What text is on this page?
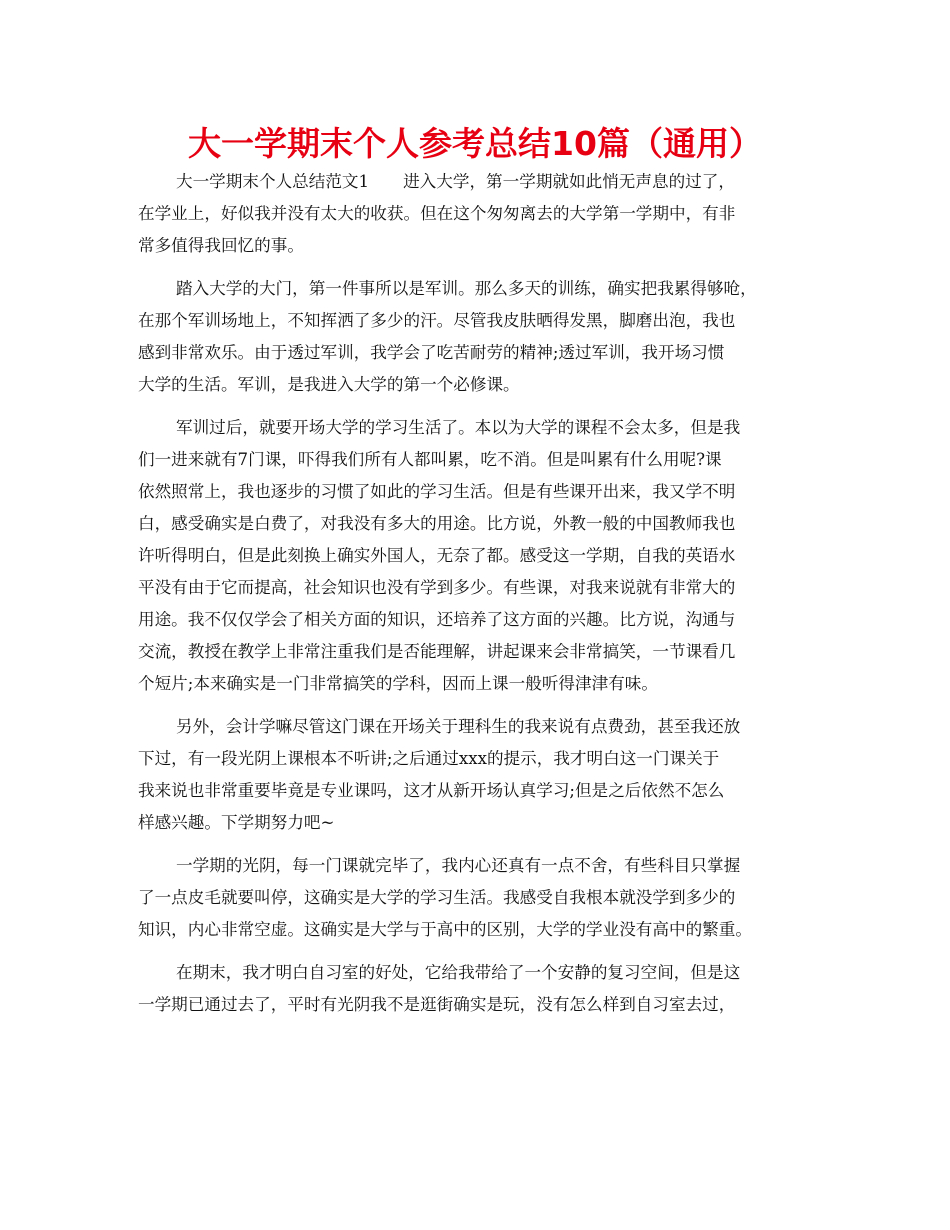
大一学期末个人参考总结10篇（通用）
大一学期末个人总结范文1 进入大学，第一学期就如此悄无声息的过了，
在学业上，好似我并没有太大的收获。但在这个匆匆离去的大学第一学期中，有非
常多值得我回忆的事。
踏入大学的大门，第一件事所以是军训。那么多天的训练，确实把我累得够呛，
在那个军训场地上，不知挥洒了多少的汗。尽管我皮肤晒得发黑，脚磨出泡，我也
感到非常欢乐。由于透过军训，我学会了吃苦耐劳的精神;透过军训，我开场习惯
大学的生活。军训，是我进入大学的第一个必修课。
军训过后，就要开场大学的学习生活了。本以为大学的课程不会太多，但是我
们一进来就有7门课，吓得我们所有人都叫累，吃不消。但是叫累有什么用呢?课
依然照常上，我也逐步的习惯了如此的学习生活。但是有些课开出来，我又学不明
白，感受确实是白费了，对我没有多大的用途。比方说，外教一般的中国教师我也
许听得明白，但是此刻换上确实外国人，无奈了都。感受这一学期，自我的英语水
平没有由于它而提高，社会知识也没有学到多少。有些课，对我来说就有非常大的
用途。我不仅仅学会了相关方面的知识，还培养了这方面的兴趣。比方说，沟通与
交流，教授在教学上非常注重我们是否能理解，讲起课来会非常搞笑，一节课看几
个短片;本来确实是一门非常搞笑的学科，因而上课一般听得津津有味。
另外，会计学嘛尽管这门课在开场关于理科生的我来说有点费劲，甚至我还放
下过，有一段光阴上课根本不听讲;之后通过xxx的提示，我才明白这一门课关于
我来说也非常重要毕竟是专业课吗，这才从新开场认真学习;但是之后依然不怎么
样感兴趣。下学期努力吧~
一学期的光阴，每一门课就完毕了，我内心还真有一点不舍，有些科目只掌握
了一点皮毛就要叫停，这确实是大学的学习生活。我感受自我根本就没学到多少的
知识，内心非常空虚。这确实是大学与于高中的区别，大学的学业没有高中的繁重。
在期末，我才明白自习室的好处，它给我带给了一个安静的复习空间，但是这
一学期已通过去了，平时有光阴我不是逛街确实是玩，没有怎么样到自习室去过，
